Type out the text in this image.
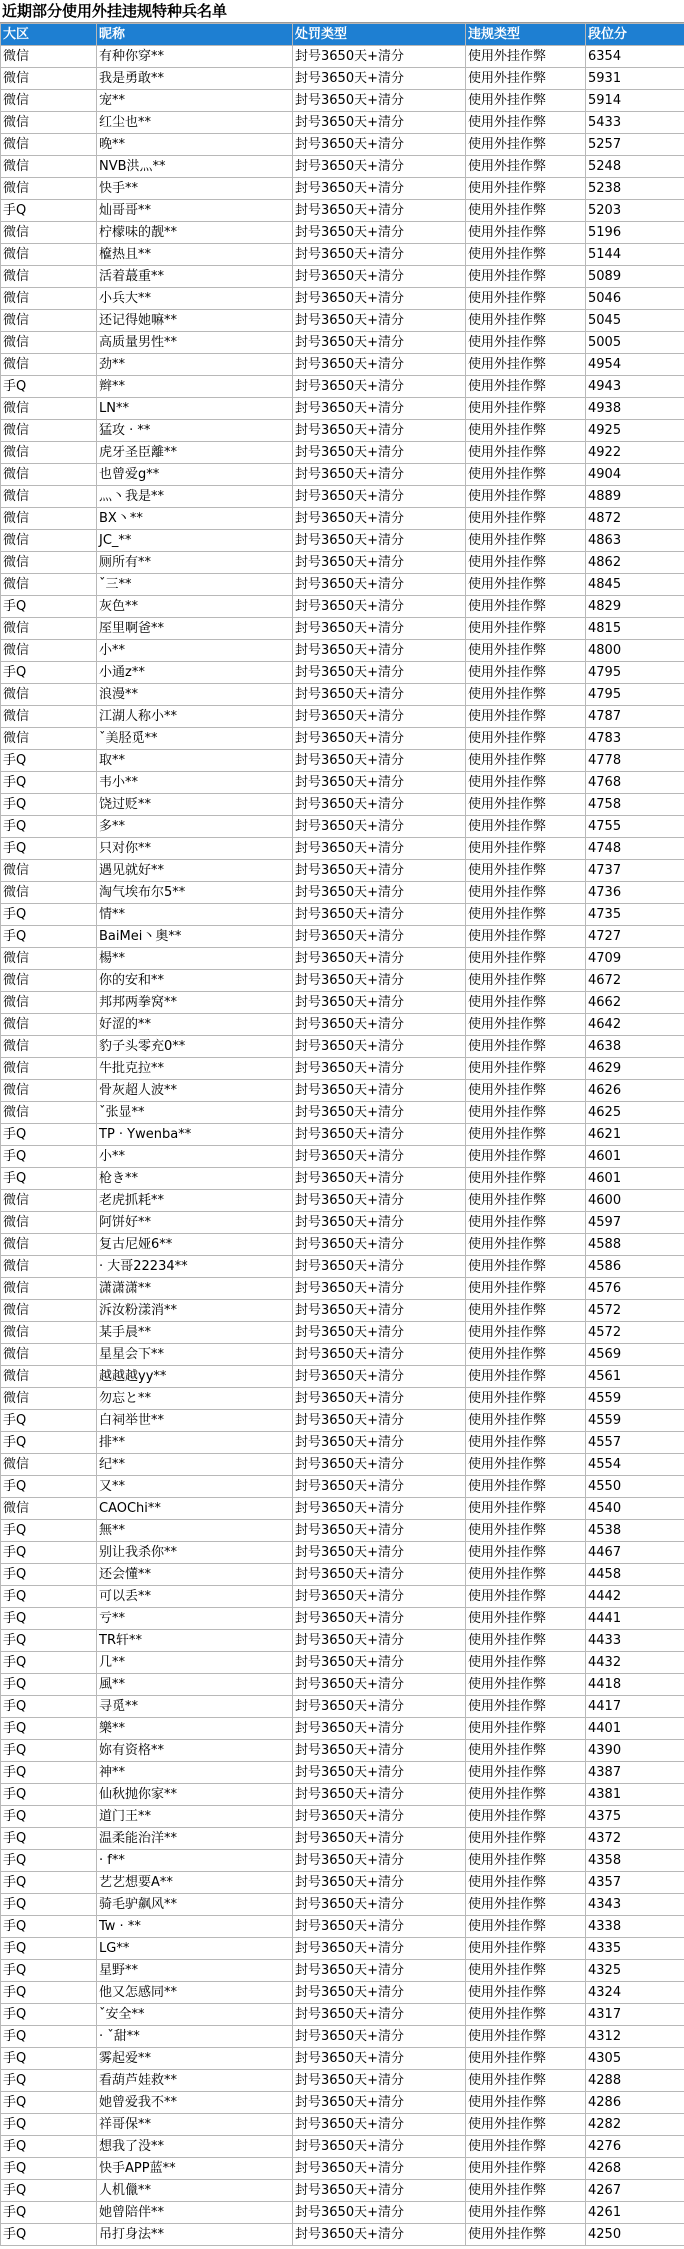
近期部分使用外挂违规特种兵名单
大区	昵称	处罚类型	违规类型	段位分
微信	有种你穿**	封号3650天+清分	使用外挂作弊	6354
微信	我是勇敢**	封号3650天+清分	使用外挂作弊	5931
微信	宠**	封号3650天+清分	使用外挂作弊	5914
微信	红尘也**	封号3650天+清分	使用外挂作弊	5433
微信	晚**	封号3650天+清分	使用外挂作弊	5257
微信	NVB洪灬**	封号3650天+清分	使用外挂作弊	5248
微信	快手**	封号3650天+清分	使用外挂作弊	5238
手Q	灿哥哥**	封号3650天+清分	使用外挂作弊	5203
微信	柠檬味的靓**	封号3650天+清分	使用外挂作弊	5196
微信	檶热且**	封号3650天+清分	使用外挂作弊	5144
微信	活着蕞重**	封号3650天+清分	使用外挂作弊	5089
微信	小兵大**	封号3650天+清分	使用外挂作弊	5046
微信	还记得她嘛**	封号3650天+清分	使用外挂作弊	5045
微信	高质量男性**	封号3650天+清分	使用外挂作弊	5005
微信	劲**	封号3650天+清分	使用外挂作弊	4954
手Q	辫**	封号3650天+清分	使用外挂作弊	4943
微信	LN**	封号3650天+清分	使用外挂作弊	4938
微信	猛攻 · **	封号3650天+清分	使用外挂作弊	4925
微信	虎牙圣臣離**	封号3650天+清分	使用外挂作弊	4922
微信	也曾爱g**	封号3650天+清分	使用外挂作弊	4904
微信	灬丶我是**	封号3650天+清分	使用外挂作弊	4889
微信	BX丶**	封号3650天+清分	使用外挂作弊	4872
微信	JC_**	封号3650天+清分	使用外挂作弊	4863
微信	厕所有**	封号3650天+清分	使用外挂作弊	4862
微信	ˇ三**	封号3650天+清分	使用外挂作弊	4845
手Q	灰色**	封号3650天+清分	使用外挂作弊	4829
微信	厔里啊爸**	封号3650天+清分	使用外挂作弊	4815
微信	小**	封号3650天+清分	使用外挂作弊	4800
手Q	小通z**	封号3650天+清分	使用外挂作弊	4795
微信	浪漫**	封号3650天+清分	使用外挂作弊	4795
微信	江湖人称小**	封号3650天+清分	使用外挂作弊	4787
微信	ˇ美胫觅**	封号3650天+清分	使用外挂作弊	4783
手Q	取**	封号3650天+清分	使用外挂作弊	4778
手Q	韦小**	封号3650天+清分	使用外挂作弊	4768
手Q	饶过贬**	封号3650天+清分	使用外挂作弊	4758
手Q	多**	封号3650天+清分	使用外挂作弊	4755
手Q	只对你**	封号3650天+清分	使用外挂作弊	4748
微信	遇见就好**	封号3650天+清分	使用外挂作弊	4737
微信	淘气埃布尔5**	封号3650天+清分	使用外挂作弊	4736
手Q	情**	封号3650天+清分	使用外挂作弊	4735
手Q	BaiMei丶奥**	封号3650天+清分	使用外挂作弊	4727
微信	楊**	封号3650天+清分	使用外挂作弊	4709
微信	你的安和**	封号3650天+清分	使用外挂作弊	4672
微信	邦邦两拳窝**	封号3650天+清分	使用外挂作弊	4662
微信	好涩的**	封号3650天+清分	使用外挂作弊	4642
微信	豹子头零充0**	封号3650天+清分	使用外挂作弊	4638
微信	牛批克拉**	封号3650天+清分	使用外挂作弊	4629
微信	骨灰超人波**	封号3650天+清分	使用外挂作弊	4626
微信	ˇ张显**	封号3650天+清分	使用外挂作弊	4625
手Q	TP · Ywenba**	封号3650天+清分	使用外挂作弊	4621
手Q	小**	封号3650天+清分	使用外挂作弊	4601
手Q	枪き**	封号3650天+清分	使用外挂作弊	4601
微信	老虎抓耗**	封号3650天+清分	使用外挂作弊	4600
微信	阿饼好**	封号3650天+清分	使用外挂作弊	4597
微信	复古尼娅6**	封号3650天+清分	使用外挂作弊	4588
微信	· 大哥22234**	封号3650天+清分	使用外挂作弊	4586
微信	潇潇潇**	封号3650天+清分	使用外挂作弊	4576
微信	泝汝粉漾消**	封号3650天+清分	使用外挂作弊	4572
微信	某手晨**	封号3650天+清分	使用外挂作弊	4572
微信	星星会下**	封号3650天+清分	使用外挂作弊	4569
微信	越越越yy**	封号3650天+清分	使用外挂作弊	4561
微信	勿忘と**	封号3650天+清分	使用外挂作弊	4559
手Q	白祠举世**	封号3650天+清分	使用外挂作弊	4559
手Q	排**	封号3650天+清分	使用外挂作弊	4557
微信	纪**	封号3650天+清分	使用外挂作弊	4554
手Q	又**	封号3650天+清分	使用外挂作弊	4550
微信	CAOChi**	封号3650天+清分	使用外挂作弊	4540
手Q	無**	封号3650天+清分	使用外挂作弊	4538
手Q	别让我杀你**	封号3650天+清分	使用外挂作弊	4467
手Q	还会懂**	封号3650天+清分	使用外挂作弊	4458
手Q	可以丢**	封号3650天+清分	使用外挂作弊	4442
手Q	亏**	封号3650天+清分	使用外挂作弊	4441
手Q	TR轩**	封号3650天+清分	使用外挂作弊	4433
手Q	几**	封号3650天+清分	使用外挂作弊	4432
手Q	風**	封号3650天+清分	使用外挂作弊	4418
手Q	寻觅**	封号3650天+清分	使用外挂作弊	4417
手Q	樂**	封号3650天+清分	使用外挂作弊	4401
手Q	妳有资格**	封号3650天+清分	使用外挂作弊	4390
手Q	神**	封号3650天+清分	使用外挂作弊	4387
手Q	仙秋抛你家**	封号3650天+清分	使用外挂作弊	4381
手Q	道门王**	封号3650天+清分	使用外挂作弊	4375
手Q	温柔能治洋**	封号3650天+清分	使用外挂作弊	4372
手Q	· f**	封号3650天+清分	使用外挂作弊	4358
手Q	艺艺想要A**	封号3650天+清分	使用外挂作弊	4357
手Q	骑毛驴飙风**	封号3650天+清分	使用外挂作弊	4343
手Q	Tw · **	封号3650天+清分	使用外挂作弊	4338
手Q	LG**	封号3650天+清分	使用外挂作弊	4335
手Q	星野**	封号3650天+清分	使用外挂作弊	4325
手Q	他又怎感同**	封号3650天+清分	使用外挂作弊	4324
手Q	ˇ安全**	封号3650天+清分	使用外挂作弊	4317
手Q	· ˇ甜**	封号3650天+清分	使用外挂作弊	4312
手Q	雾起爱**	封号3650天+清分	使用外挂作弊	4305
手Q	看葫芦娃救**	封号3650天+清分	使用外挂作弊	4288
手Q	她曾爱我不**	封号3650天+清分	使用外挂作弊	4286
手Q	祥哥保**	封号3650天+清分	使用外挂作弊	4282
手Q	想我了没**	封号3650天+清分	使用外挂作弊	4276
手Q	快手APP蓝**	封号3650天+清分	使用外挂作弊	4268
手Q	人机儠**	封号3650天+清分	使用外挂作弊	4267
手Q	她曾陪伴**	封号3650天+清分	使用外挂作弊	4261
手Q	吊打身法**	封号3650天+清分	使用外挂作弊	4250
